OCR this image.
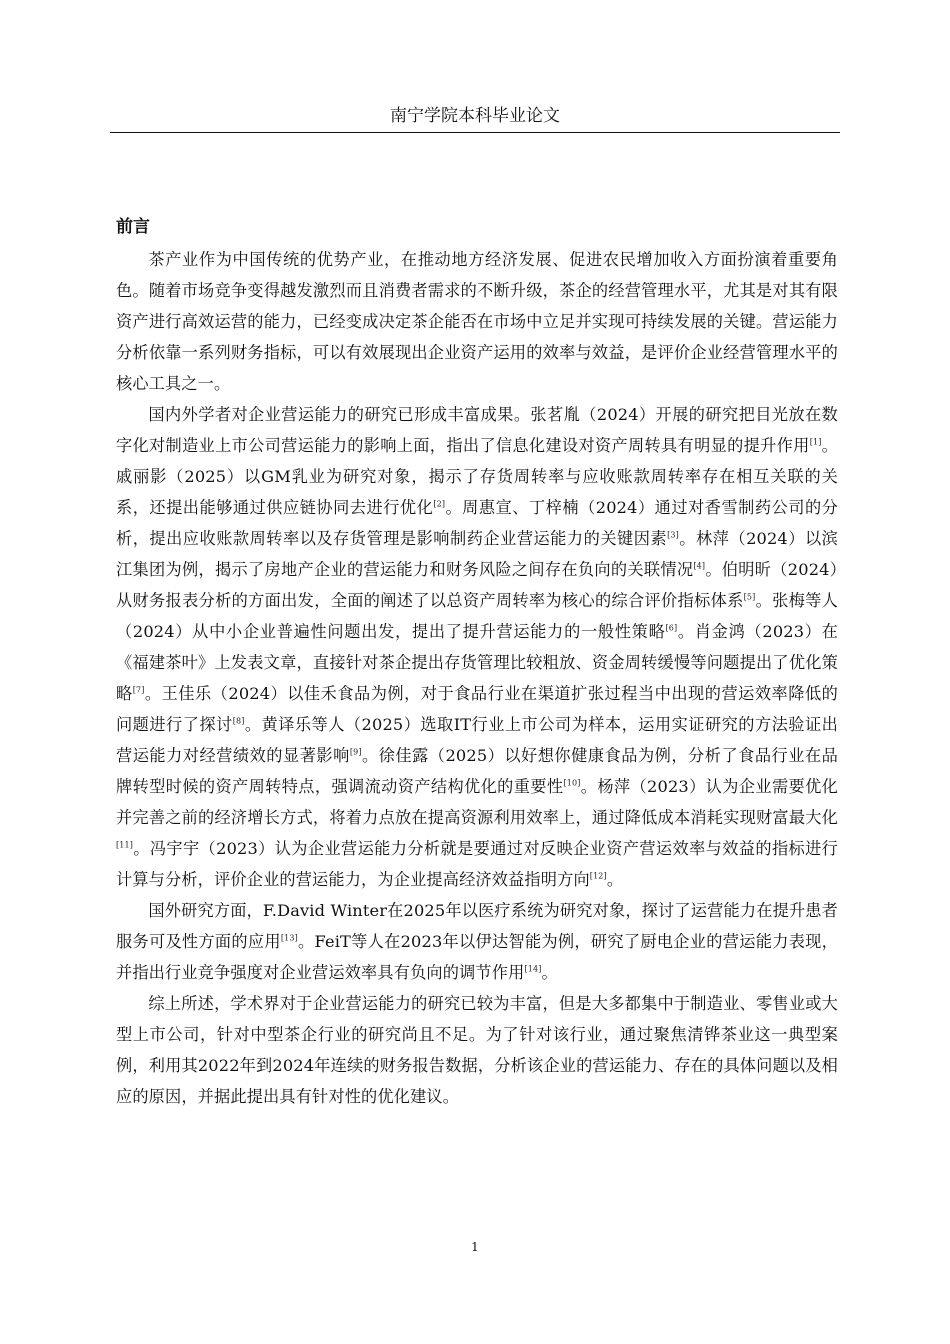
南宁学院本科毕业论文
前言

茶产业作为中国传统的优势产业，在推动地方经济发展、促进农民增加收入方面扮演着重要角色。随着市场竞争变得越发激烈而且消费者需求的不断升级，茶企的经营管理水平，尤其是对其有限资产进行高效运营的能力，已经变成决定茶企能否在市场中立足并实现可持续发展的关键。营运能力分析依靠一系列财务指标，可以有效展现出企业资产运用的效率与效益，是评价企业经营管理水平的核心工具之一。

国内外学者对企业营运能力的研究已形成丰富成果。张茗胤（2024）开展的研究把目光放在数字化对制造业上市公司营运能力的影响上面，指出了信息化建设对资产周转具有明显的提升作用[1]。戚丽影（2025）以GM乳业为研究对象，揭示了存货周转率与应收账款周转率存在相互关联的关系，还提出能够通过供应链协同去进行优化[2]。周惠宣、丁梓楠（2024）通过对香雪制药公司的分析，提出应收账款周转率以及存货管理是影响制药企业营运能力的关键因素[3]。林萍（2024）以滨江集团为例，揭示了房地产企业的营运能力和财务风险之间存在负向的关联情况[4]。伯明昕（2024）从财务报表分析的方面出发，全面的阐述了以总资产周转率为核心的综合评价指标体系[5]。张梅等人（2024）从中小企业普遍性问题出发，提出了提升营运能力的一般性策略[6]。肖金鸿（2023）在《福建茶叶》上发表文章，直接针对茶企提出存货管理比较粗放、资金周转缓慢等问题提出了优化策略[7]。王佳乐（2024）以佳禾食品为例，对于食品行业在渠道扩张过程当中出现的营运效率降低的问题进行了探讨[8]。黄译乐等人（2025）选取IT行业上市公司为样本，运用实证研究的方法验证出营运能力对经营绩效的显著影响[9]。徐佳露（2025）以好想你健康食品为例，分析了食品行业在品牌转型时候的资产周转特点，强调流动资产结构优化的重要性[10]。杨萍（2023）认为企业需要优化并完善之前的经济增长方式，将着力点放在提高资源利用效率上，通过降低成本消耗实现财富最大化[11]。冯宇宇（2023）认为企业营运能力分析就是要通过对反映企业资产营运效率与效益的指标进行计算与分析，评价企业的营运能力，为企业提高经济效益指明方向[12]。

国外研究方面，F.David Winter在2025年以医疗系统为研究对象，探讨了运营能力在提升患者服务可及性方面的应用[13]。FeiT等人在2023年以伊达智能为例，研究了厨电企业的营运能力表现，并指出行业竞争强度对企业营运效率具有负向的调节作用[14]。

综上所述，学术界对于企业营运能力的研究已较为丰富，但是大多都集中于制造业、零售业或大型上市公司，针对中型茶企行业的研究尚且不足。为了针对该行业，通过聚焦清铧茶业这一典型案例，利用其2022年到2024年连续的财务报告数据，分析该企业的营运能力、存在的具体问题以及相应的原因，并据此提出具有针对性的优化建议。

1
